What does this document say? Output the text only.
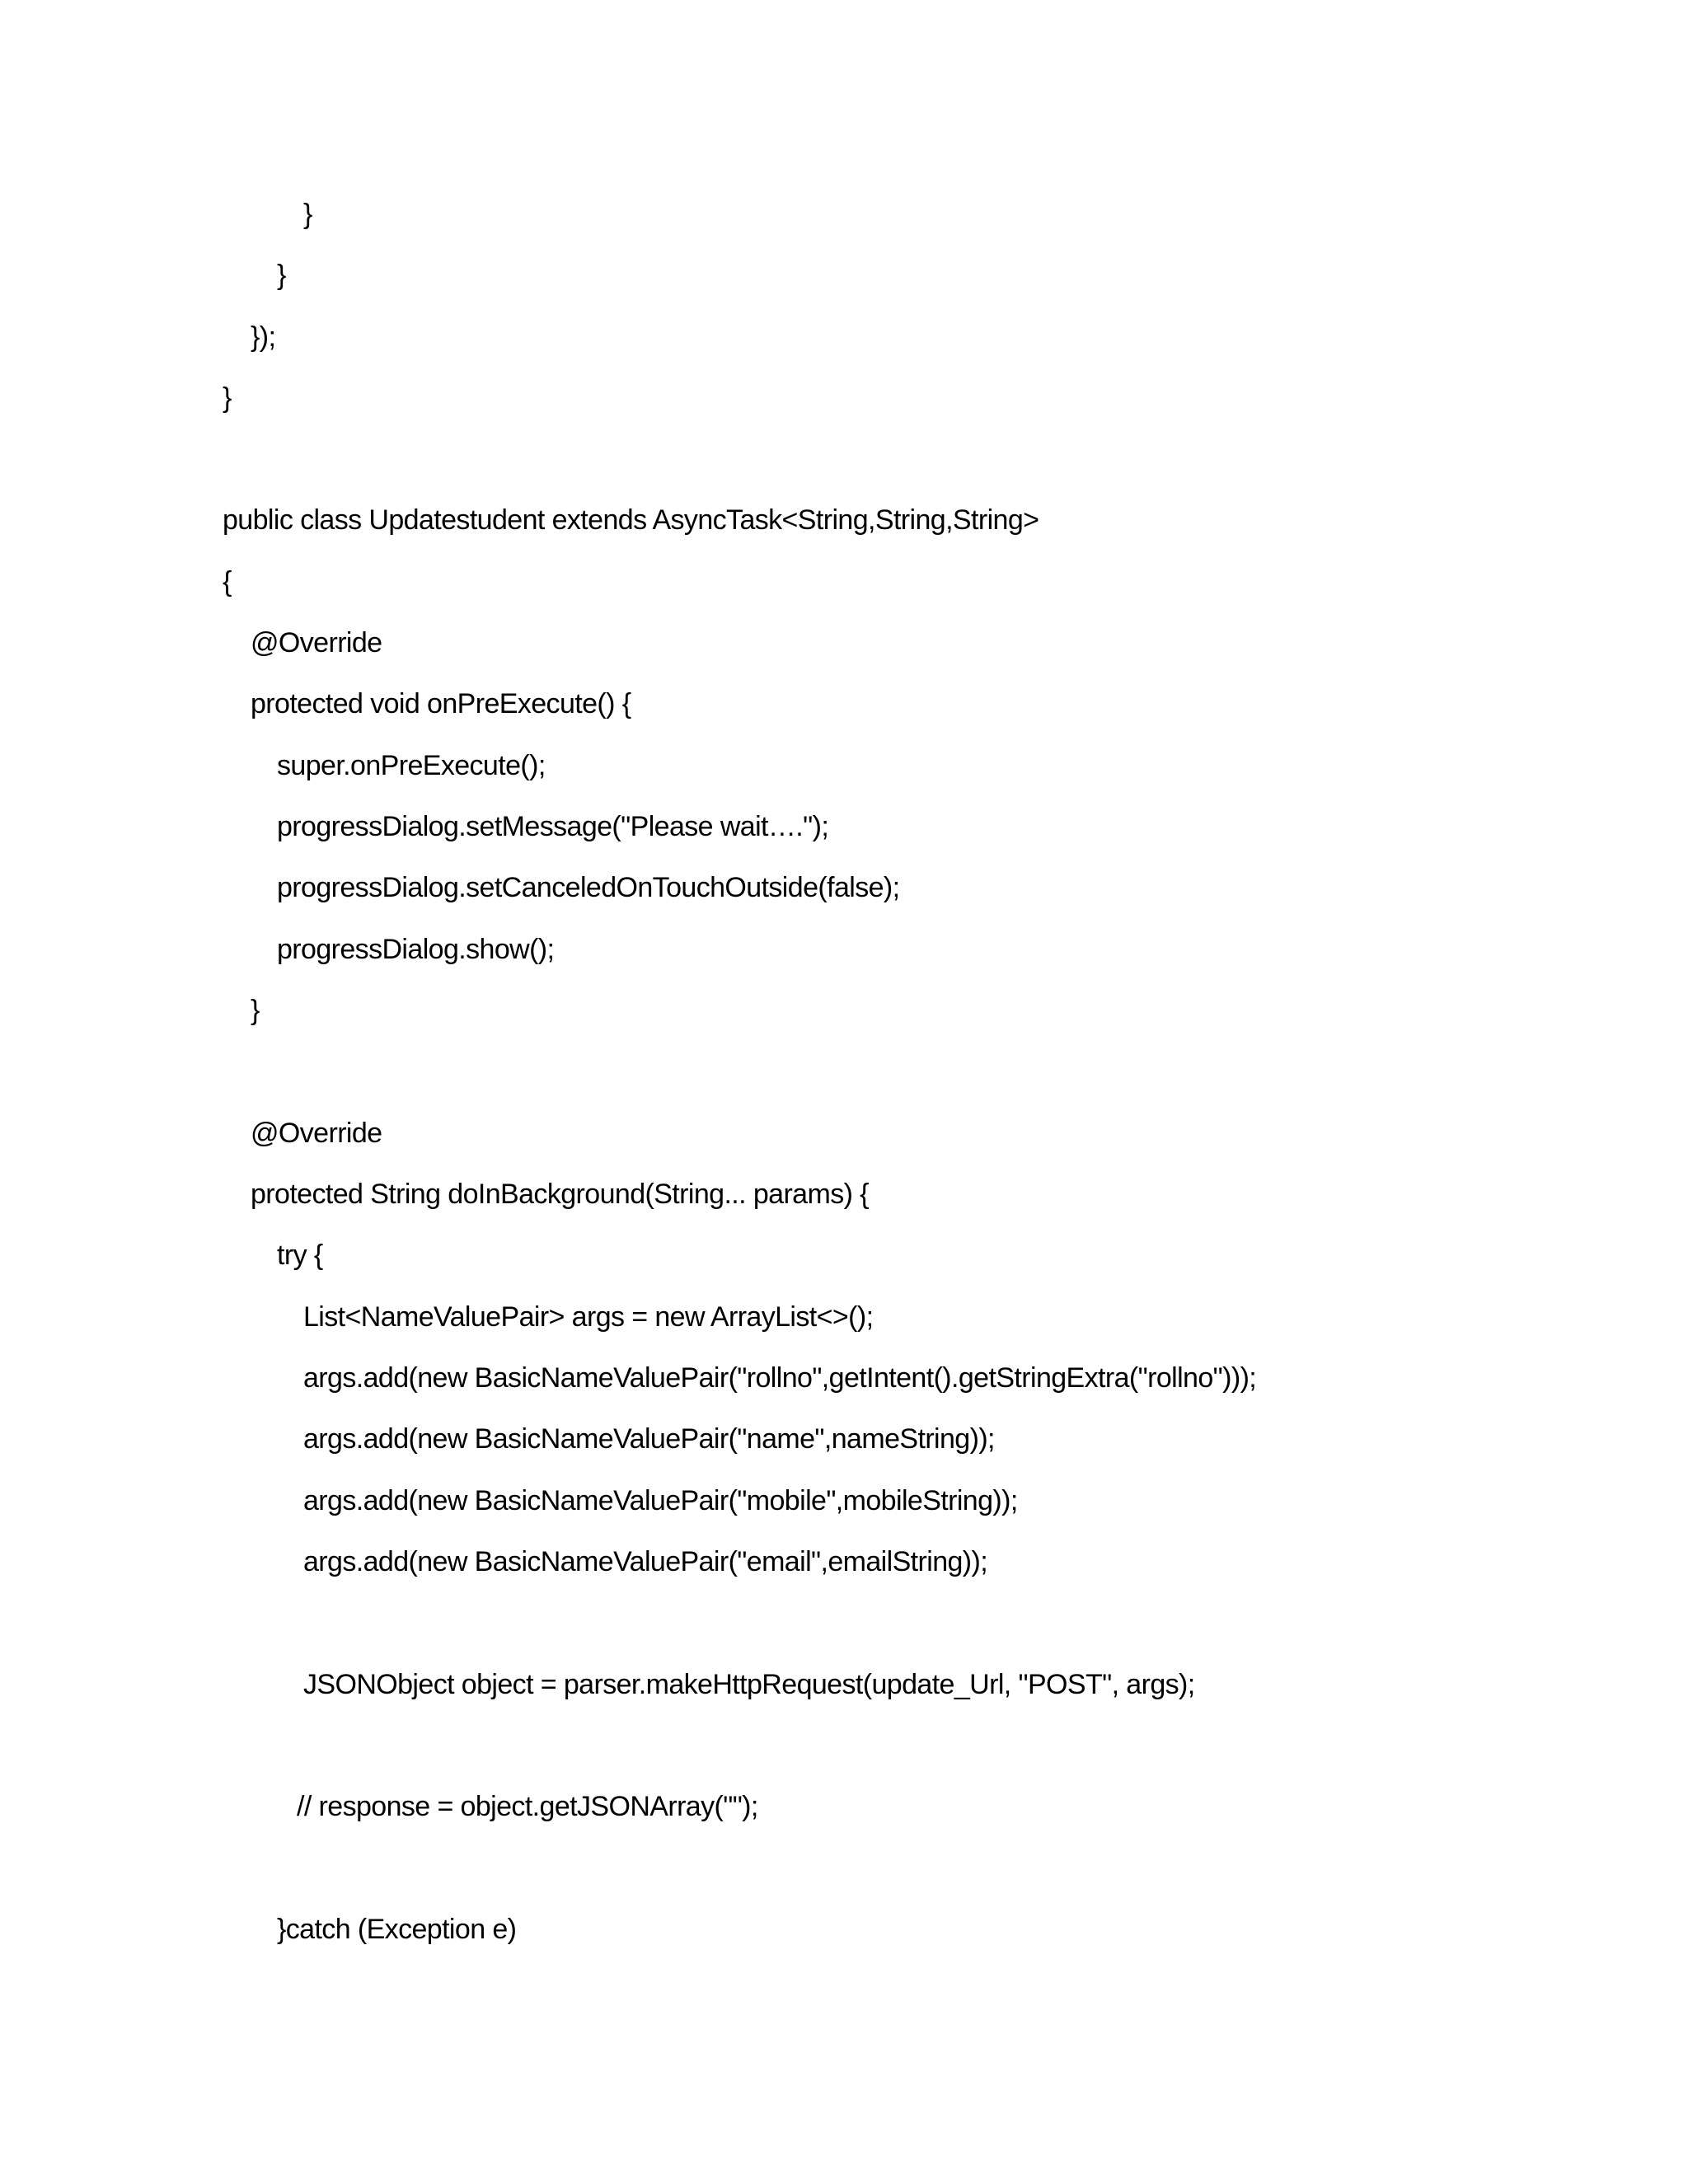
}

}

});

}

public class Updatestudent extends AsyncTask<String,String,String>

{

@Override

protected void onPreExecute() {

super.onPreExecute();

progressDialog.setMessage("Please wait….");

progressDialog.setCanceledOnTouchOutside(false);

progressDialog.show();

}

@Override

protected String doInBackground(String... params) {

try {

List<NameValuePair> args = new ArrayList<>();

args.add(new BasicNameValuePair("rollno",getIntent().getStringExtra("rollno")));

args.add(new BasicNameValuePair("name",nameString));

args.add(new BasicNameValuePair("mobile",mobileString));

args.add(new BasicNameValuePair("email",emailString));

JSONObject object = parser.makeHttpRequest(update_Url, "POST", args);

// response = object.getJSONArray("");

}catch (Exception e)
